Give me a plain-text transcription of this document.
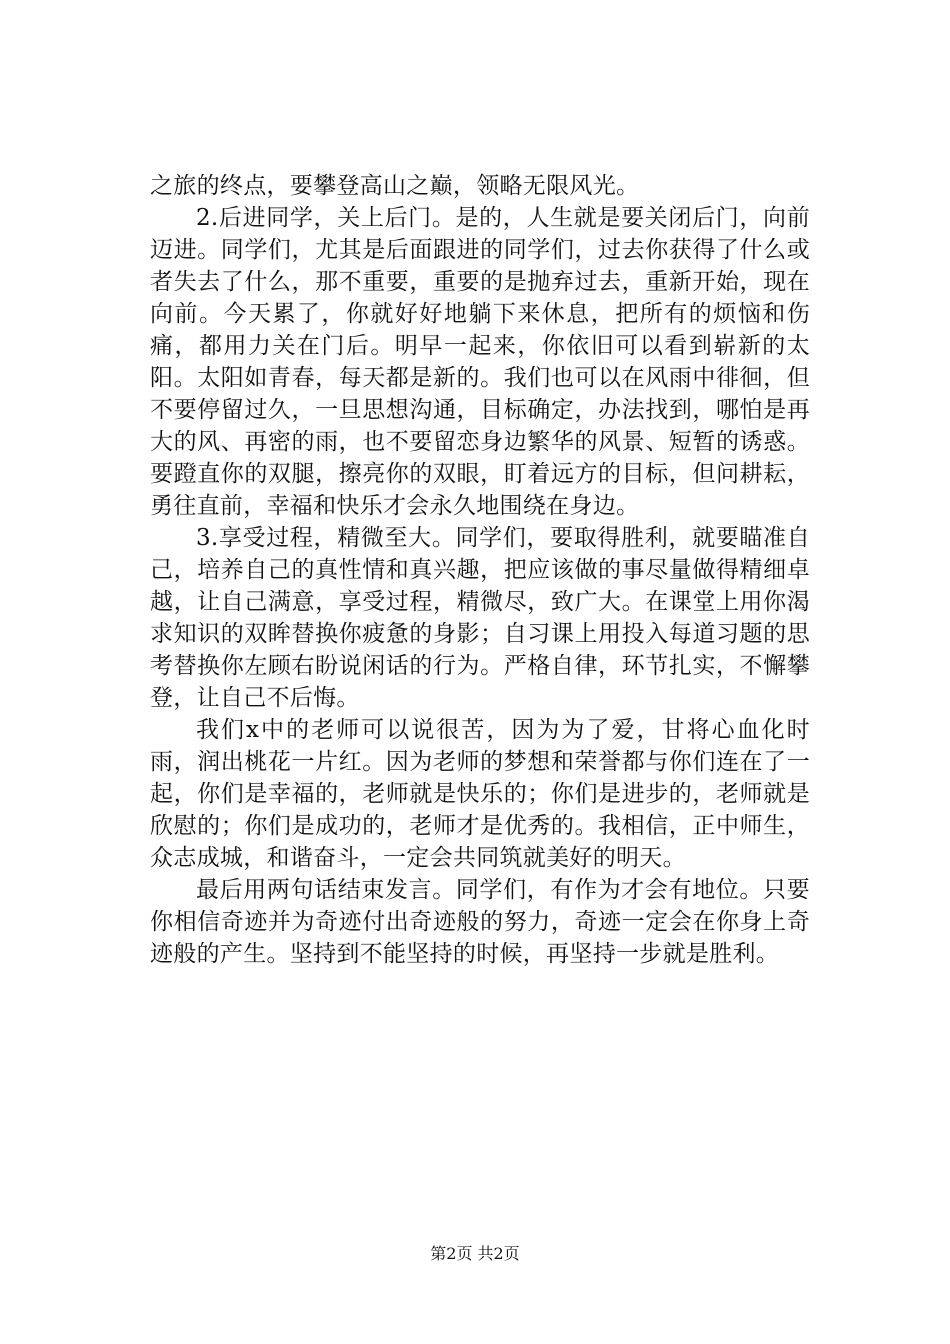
之旅的终点，要攀登高山之巅，领略无限风光。

2.后进同学，关上后门。是的，人生就是要关闭后门，向前迈进。同学们，尤其是后面跟进的同学们，过去你获得了什么或者失去了什么，那不重要，重要的是抛弃过去，重新开始，现在向前。今天累了，你就好好地躺下来休息，把所有的烦恼和伤痛，都用力关在门后。明早一起来，你依旧可以看到崭新的太阳。太阳如青春，每天都是新的。我们也可以在风雨中徘徊，但不要停留过久，一旦思想沟通，目标确定，办法找到，哪怕是再大的风、再密的雨，也不要留恋身边繁华的风景、短暂的诱惑。要蹬直你的双腿，擦亮你的双眼，盯着远方的目标，但问耕耘，勇往直前，幸福和快乐才会永久地围绕在身边。

3.享受过程，精微至大。同学们，要取得胜利，就要瞄准自己，培养自己的真性情和真兴趣，把应该做的事尽量做得精细卓越，让自己满意，享受过程，精微尽，致广大。在课堂上用你渴求知识的双眸替换你疲惫的身影；自习课上用投入每道习题的思考替换你左顾右盼说闲话的行为。严格自律，环节扎实，不懈攀登，让自己不后悔。

我们x中的老师可以说很苦，因为为了爱，甘将心血化时雨，润出桃花一片红。因为老师的梦想和荣誉都与你们连在了一起，你们是幸福的，老师就是快乐的；你们是进步的，老师就是欣慰的；你们是成功的，老师才是优秀的。我相信，正中师生，众志成城，和谐奋斗，一定会共同筑就美好的明天。

最后用两句话结束发言。同学们，有作为才会有地位。只要你相信奇迹并为奇迹付出奇迹般的努力，奇迹一定会在你身上奇迹般的产生。坚持到不能坚持的时候，再坚持一步就是胜利。

第2页 共2页
